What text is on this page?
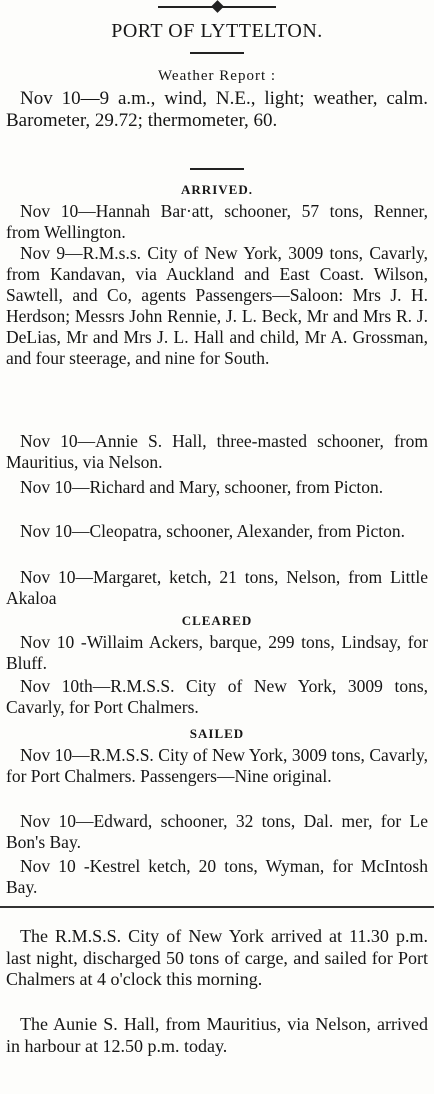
PORT OF LYTTELTON.
Weather Report :
Nov 10—9 a.m., wind, N.E., light; weather, calm. Barometer, 29.72; thermometer, 60.
ARRIVED.
Nov 10—Hannah Bar·att, schooner, 57 tons, Renner, from Wellington.
Nov 9—R.M.s.s. City of New York, 3009 tons, Cavarly, from Kandavan, via Auckland and East Coast. Wilson, Sawtell, and Co, agents Passengers—Saloon: Mrs J. H. Herdson; Messrs John Rennie, J. L. Beck, Mr and Mrs R. J. DeLias, Mr and Mrs J. L. Hall and child, Mr A. Grossman, and four steerage, and nine for South.
Nov 10—Annie S. Hall, three-masted schooner, from Mauritius, via Nelson.
Nov 10—Richard and Mary, schooner, from Picton.
Nov 10—Cleopatra, schooner, Alexander, from Picton.
Nov 10—Margaret, ketch, 21 tons, Nelson, from Little Akaloa
CLEARED
Nov 10 -Willaim Ackers, barque, 299 tons, Lindsay, for Bluff.
Nov 10th—R.M.S.S. City of New York, 3009 tons, Cavarly, for Port Chalmers.
SAILED
Nov 10—R.M.S.S. City of New York, 3009 tons, Cavarly, for Port Chalmers. Passengers—Nine original.
Nov 10—Edward, schooner, 32 tons, Dal. mer, for Le Bon's Bay.
Nov 10 -Kestrel ketch, 20 tons, Wyman, for McIntosh Bay.
The R.M.S.S. City of New York arrived at 11.30 p.m. last night, discharged 50 tons of carge, and sailed for Port Chalmers at 4 o'clock this morning.
The Aunie S. Hall, from Mauritius, via Nelson, arrived in harbour at 12.50 p.m. today.
